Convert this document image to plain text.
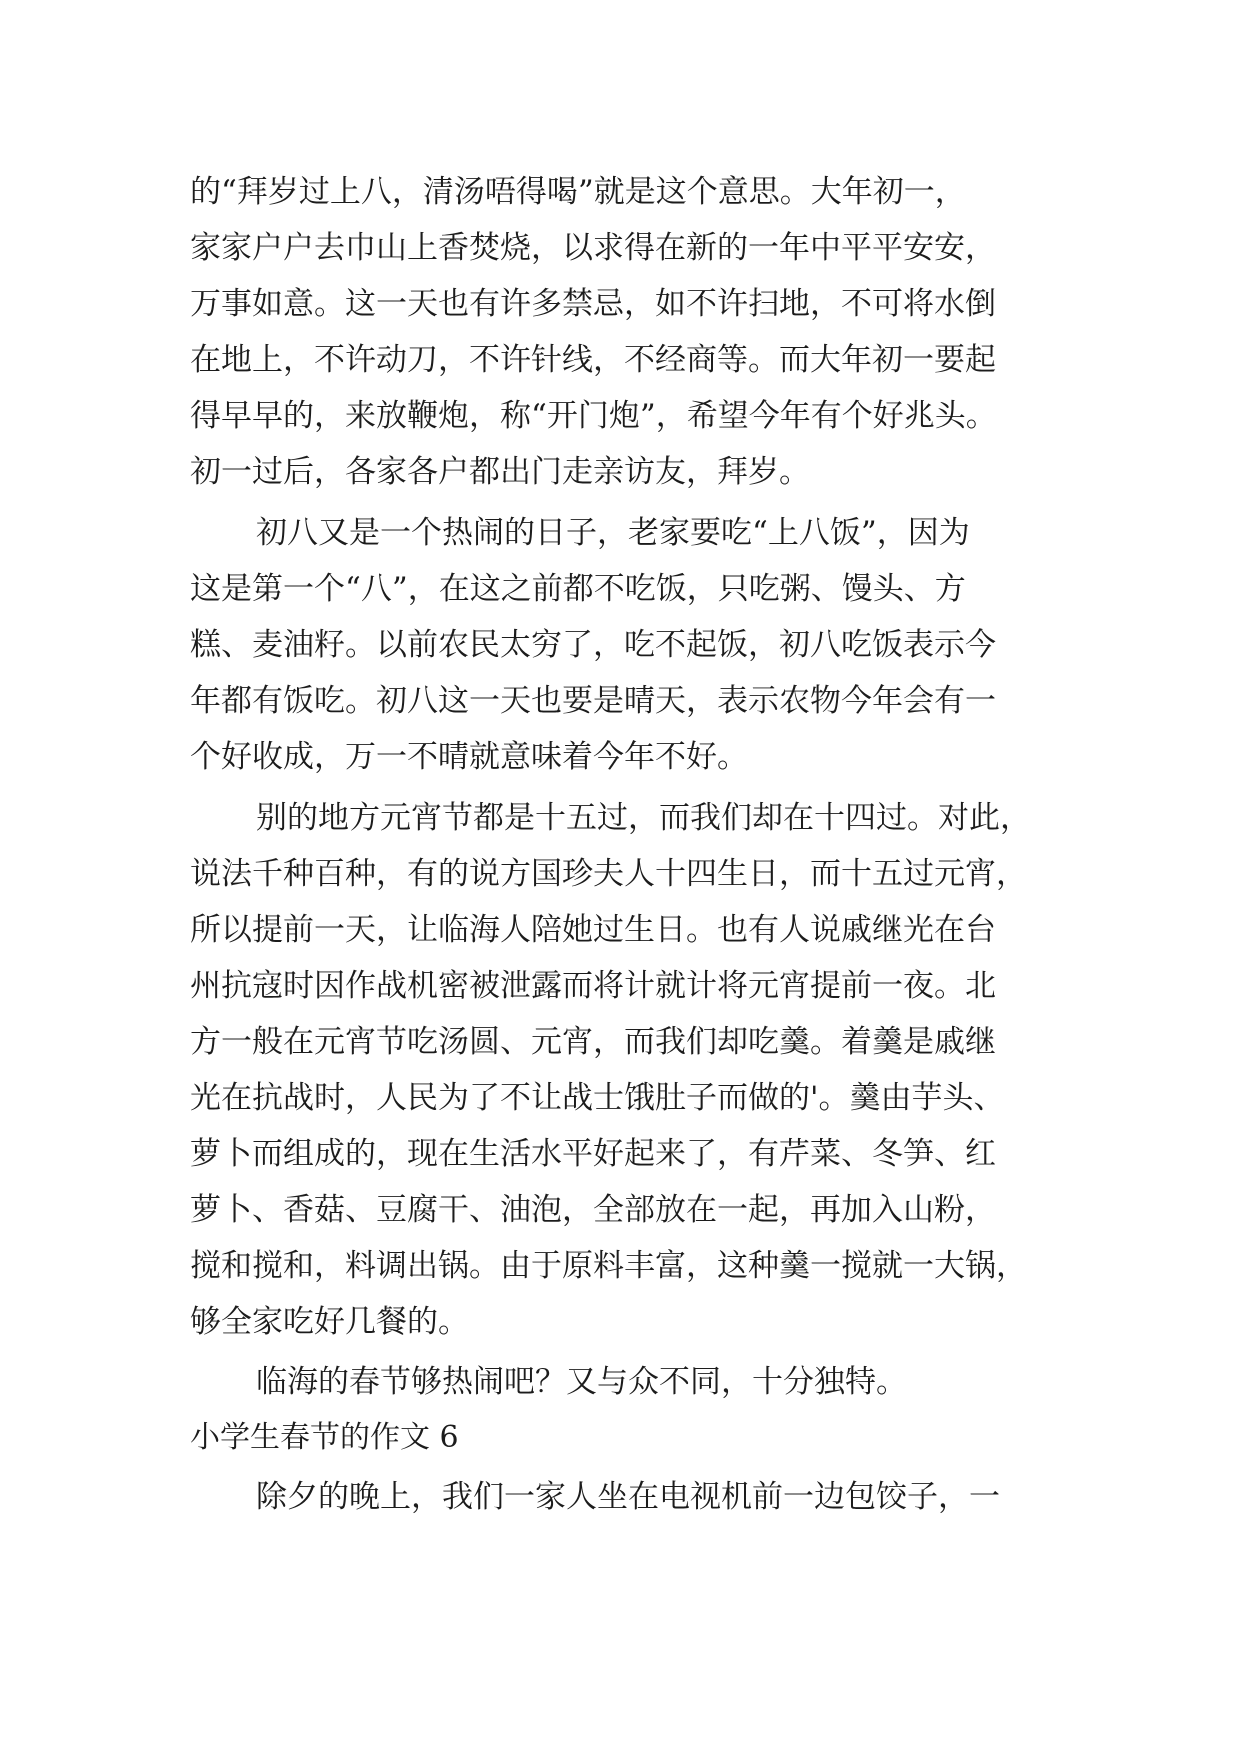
的“拜岁过上八，清汤唔得喝”就是这个意思。大年初一，

家家户户去巾山上香焚烧，以求得在新的一年中平平安安，

万事如意。这一天也有许多禁忌，如不许扫地，不可将水倒

在地上，不许动刀，不许针线，不经商等。而大年初一要起

得早早的，来放鞭炮，称“开门炮”，希望今年有个好兆头。

初一过后，各家各户都出门走亲访友，拜岁。

初八又是一个热闹的日子，老家要吃“上八饭”，因为

这是第一个“八”，在这之前都不吃饭，只吃粥、馒头、方

糕、麦油籽。以前农民太穷了，吃不起饭，初八吃饭表示今

年都有饭吃。初八这一天也要是晴天，表示农物今年会有一

个好收成，万一不晴就意味着今年不好。

别的地方元宵节都是十五过，而我们却在十四过。对此，

说法千种百种，有的说方国珍夫人十四生日，而十五过元宵，

所以提前一天，让临海人陪她过生日。也有人说戚继光在台

州抗寇时因作战机密被泄露而将计就计将元宵提前一夜。北

方一般在元宵节吃汤圆、元宵，而我们却吃羹。着羹是戚继

光在抗战时，人民为了不让战士饿肚子而做的'。羹由芋头、

萝卜而组成的，现在生活水平好起来了，有芹菜、冬笋、红

萝卜、香菇、豆腐干、油泡，全部放在一起，再加入山粉，

搅和搅和，料调出锅。由于原料丰富，这种羹一搅就一大锅，

够全家吃好几餐的。

临海的春节够热闹吧？又与众不同，十分独特。

小学生春节的作文 6

除夕的晚上，我们一家人坐在电视机前一边包饺子，一
